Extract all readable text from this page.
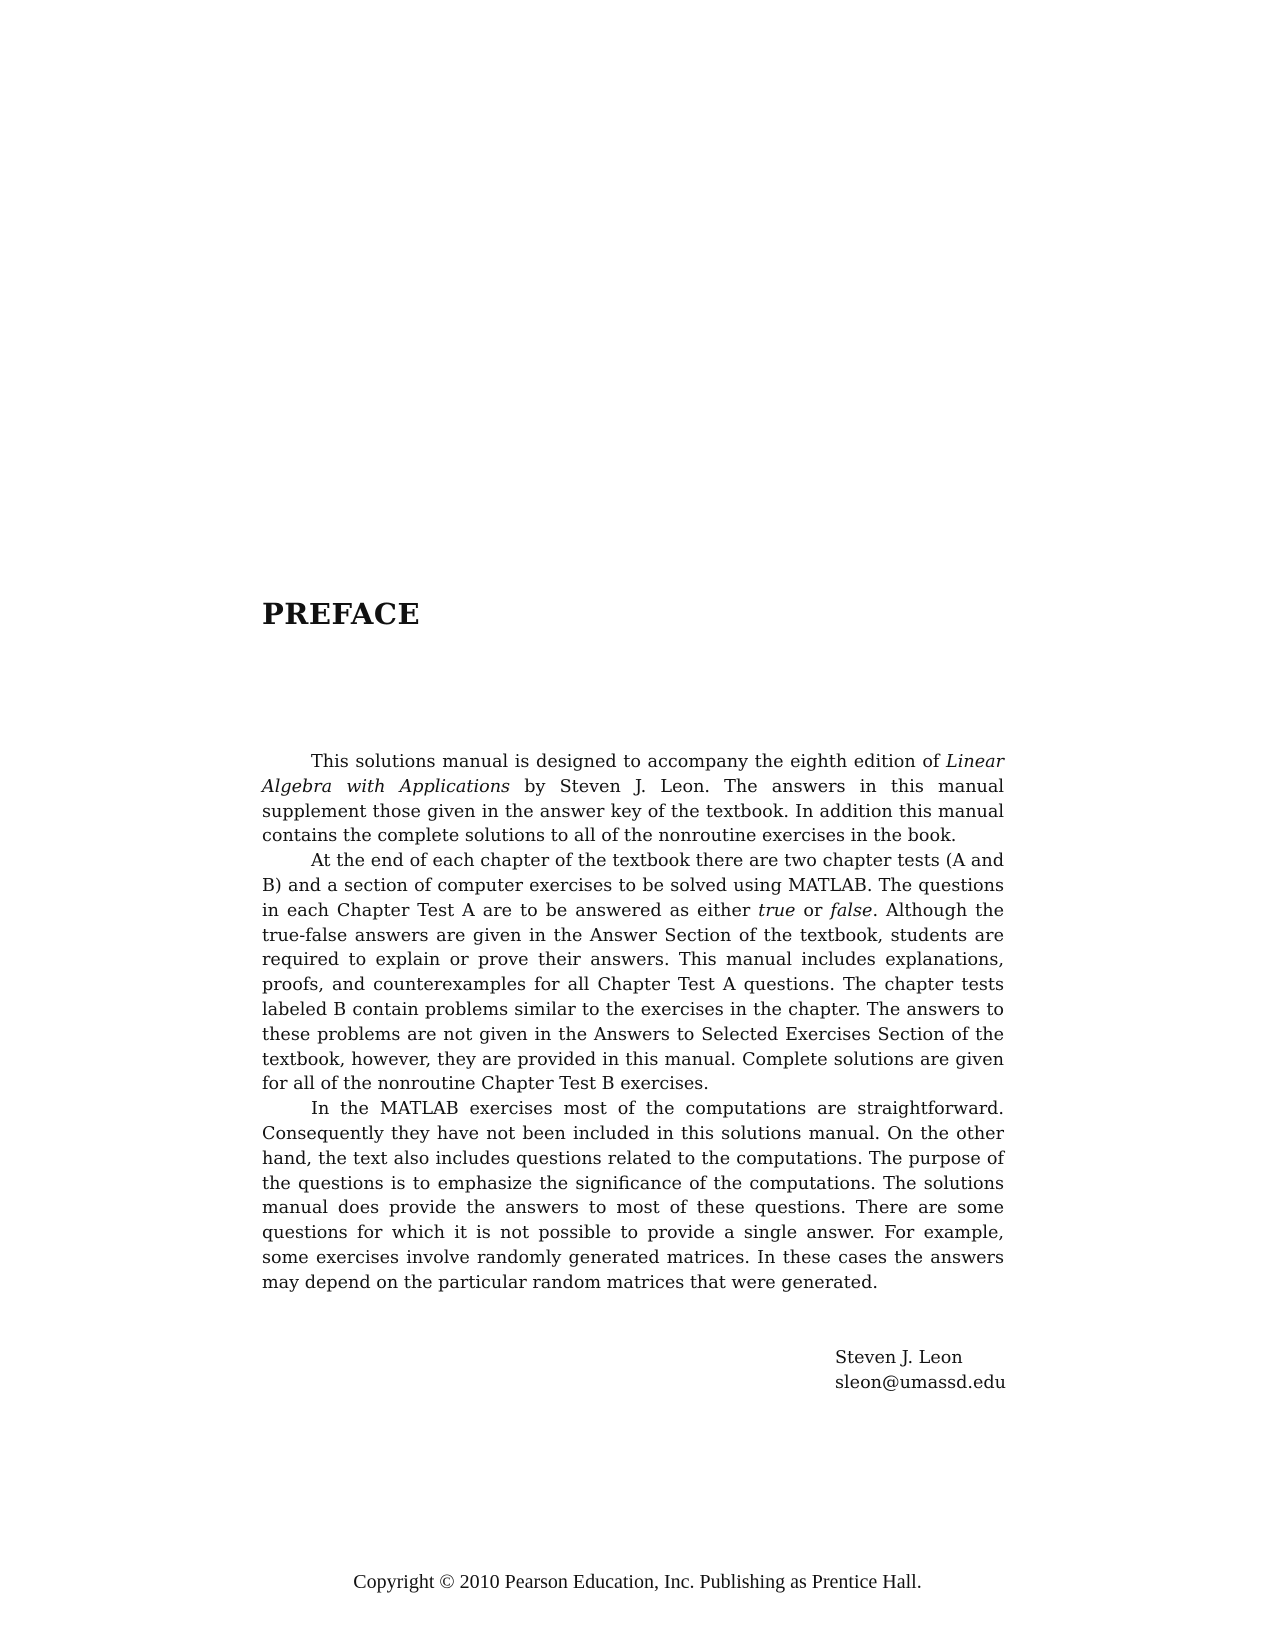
PREFACE

This solutions manual is designed to accompany the eighth edition of Linear Algebra with Applications by Steven J. Leon. The answers in this manual supplement those given in the answer key of the textbook. In addition this manual contains the complete solutions to all of the nonroutine exercises in the book.

At the end of each chapter of the textbook there are two chapter tests (A and B) and a section of computer exercises to be solved using MATLAB. The questions in each Chapter Test A are to be answered as either true or false. Although the true-false answers are given in the Answer Section of the textbook, students are required to explain or prove their answers. This manual includes explanations, proofs, and counterexamples for all Chapter Test A questions. The chapter tests labeled B contain problems similar to the exercises in the chapter. The answers to these problems are not given in the Answers to Selected Exercises Section of the textbook, however, they are provided in this manual. Complete solutions are given for all of the nonroutine Chapter Test B exercises.

In the MATLAB exercises most of the computations are straightforward. Consequently they have not been included in this solutions manual. On the other hand, the text also includes questions related to the computations. The purpose of the questions is to emphasize the significance of the computations. The solutions manual does provide the answers to most of these questions. There are some questions for which it is not possible to provide a single answer. For example, some exercises involve randomly generated matrices. In these cases the answers may depend on the particular random matrices that were generated.

Steven J. Leon
sleon@umassd.edu
Copyright © 2010 Pearson Education, Inc. Publishing as Prentice Hall.
